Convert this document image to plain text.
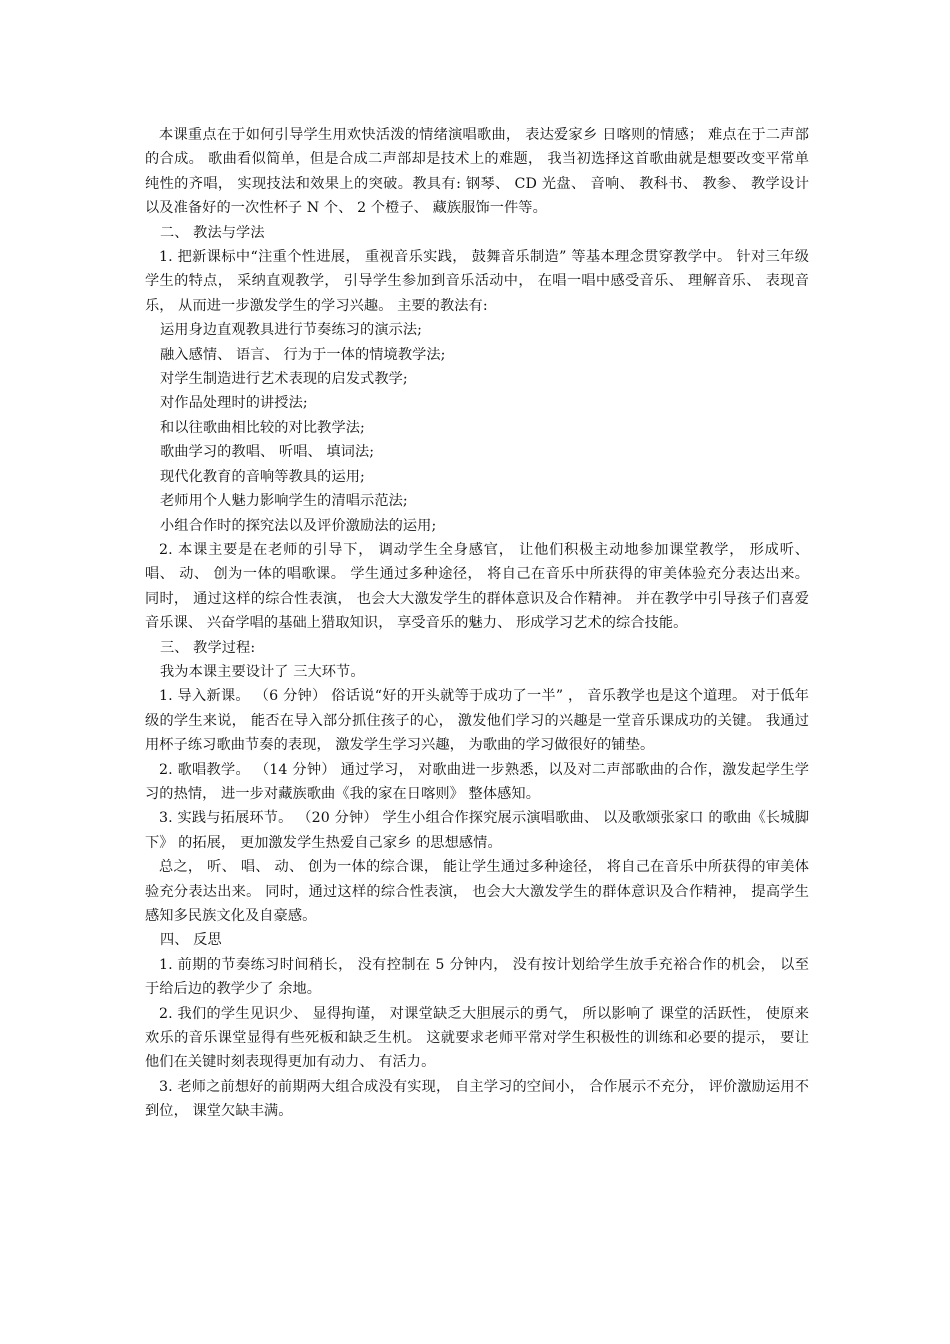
本课重点在于如何引导学生用欢快活泼的情绪演唱歌曲， 表达爱家乡 日喀则的情感； 难点在于二声部的合成。 歌曲看似简单，但是合成二声部却是技术上的难题， 我当初选择这首歌曲就是想要改变平常单纯性的齐唱， 实现技法和效果上的突破。教具有: 钢琴、 CD 光盘、 音响、 教科书、 教参、 教学设计以及准备好的一次性杯子 N 个、 2 个橙子、 藏族服饰一件等。

二、 教法与学法

1. 把新课标中“注重个性进展， 重视音乐实践， 鼓舞音乐制造” 等基本理念贯穿教学中。 针对三年级学生的特点， 采纳直观教学， 引导学生参加到音乐活动中， 在唱一唱中感受音乐、 理解音乐、 表现音乐， 从而进一步激发学生的学习兴趣。 主要的教法有:

运用身边直观教具进行节奏练习的演示法;

融入感情、 语言、 行为于一体的情境教学法;

对学生制造进行艺术表现的启发式教学;

对作品处理时的讲授法;

和以往歌曲相比较的对比教学法;

歌曲学习的教唱、 听唱、 填词法;

现代化教育的音响等教具的运用;

老师用个人魅力影响学生的清唱示范法;

小组合作时的探究法以及评价激励法的运用;

2. 本课主要是在老师的引导下， 调动学生全身感官， 让他们积极主动地参加课堂教学， 形成听、 唱、 动、 创为一体的唱歌课。 学生通过多种途径， 将自己在音乐中所获得的审美体验充分表达出来。 同时， 通过这样的综合性表演， 也会大大激发学生的群体意识及合作精神。 并在教学中引导孩子们喜爱音乐课、 兴奋学唱的基础上猎取知识， 享受音乐的魅力、 形成学习艺术的综合技能。

三、 教学过程:

我为本课主要设计了 三大环节。

1. 导入新课。 （6 分钟） 俗话说“好的开头就等于成功了一半” ， 音乐教学也是这个道理。 对于低年级的学生来说， 能否在导入部分抓住孩子的心， 激发他们学习的兴趣是一堂音乐课成功的关键。 我通过用杯子练习歌曲节奏的表现， 激发学生学习兴趣， 为歌曲的学习做很好的铺垫。

2. 歌唱教学。 （14 分钟） 通过学习， 对歌曲进一步熟悉，以及对二声部歌曲的合作，激发起学生学习的热情， 进一步对藏族歌曲《我的家在日喀则》 整体感知。

3. 实践与拓展环节。 （20 分钟） 学生小组合作探究展示演唱歌曲、 以及歌颂张家口 的歌曲《长城脚下》 的拓展， 更加激发学生热爱自己家乡 的思想感情。

总之， 听、 唱、 动、 创为一体的综合课， 能让学生通过多种途径， 将自己在音乐中所获得的审美体验充分表达出来。 同时，通过这样的综合性表演， 也会大大激发学生的群体意识及合作精神， 提高学生感知多民族文化及自豪感。

四、 反思

1. 前期的节奏练习时间稍长， 没有控制在 5 分钟内， 没有按计划给学生放手充裕合作的机会， 以至于给后边的教学少了 余地。

2. 我们的学生见识少、 显得拘谨， 对课堂缺乏大胆展示的勇气， 所以影响了 课堂的活跃性， 使原来欢乐的音乐课堂显得有些死板和缺乏生机。 这就要求老师平常对学生积极性的训练和必要的提示， 要让他们在关键时刻表现得更加有动力、 有活力。

3. 老师之前想好的前期两大组合成没有实现， 自主学习的空间小， 合作展示不充分， 评价激励运用不到位， 课堂欠缺丰满。
